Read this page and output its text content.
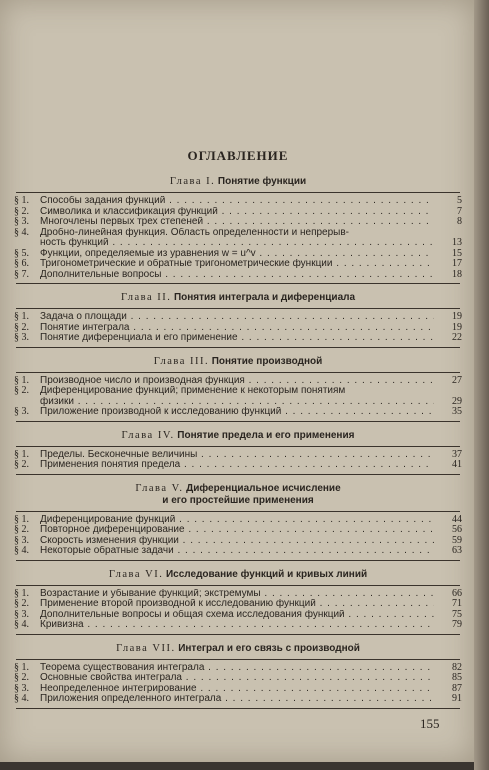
ОГЛАВЛЕНИЕ
Глава I. Понятие функции
§ 1.	Способы задания функций . . .	5
§ 2.	Символика и классификация функций . . .	7
§ 3.	Многочлены первых трех степеней . . .	8
§ 4.	Дробно-линейная функция. Область определенности и непрерыв-
ность функций . . .	13
§ 5.	Функции, определяемые из уравнения w = u^v . . .	15
§ 6.	Тригонометрические и обратные тригонометрические функции . . .	17
§ 7.	Дополнительные вопросы . . .	18
Глава II. Понятия интеграла и диференциала
§ 1.	Задача о площади . . .	19
§ 2.	Понятие интеграла . . .	19
§ 3.	Понятие диференциала и его применение . . .	22
Глава III. Понятие производной
§ 1.	Производное число и производная функция . . .	27
§ 2.	Диференцирование функций; применение к некоторым понятиям
физики . . .	29
§ 3.	Приложение производной к исследованию функций . . .	35
Глава IV. Понятие предела и его применения
§ 1.	Пределы. Бесконечные величины . . .	37
§ 2.	Применения понятия предела . . .	41
Глава V. Диференциальное исчисление
и его простейшие применения
§ 1.	Диференцирование функций . . .	44
§ 2.	Повторное диференцирование . . .	56
§ 3.	Скорость изменения функции . . .	59
§ 4.	Некоторые обратные задачи . . .	63
Глава VI. Исследование функций и кривых линий
§ 1.	Возрастание и убывание функций; экстремумы . . .	66
§ 2.	Применение второй производной к исследованию функций . . .	71
§ 3.	Дополнительные вопросы и общая схема исследования функций . . .	75
§ 4.	Кривизна . . .	79
Глава VII. Интеграл и его связь с производной
§ 1.	Теорема существования интеграла . . .	82
§ 2.	Основные свойства интеграла . . .	85
§ 3.	Неопределенное интегрирование . . .	87
§ 4.	Приложения определенного интеграла . . .	91
155
